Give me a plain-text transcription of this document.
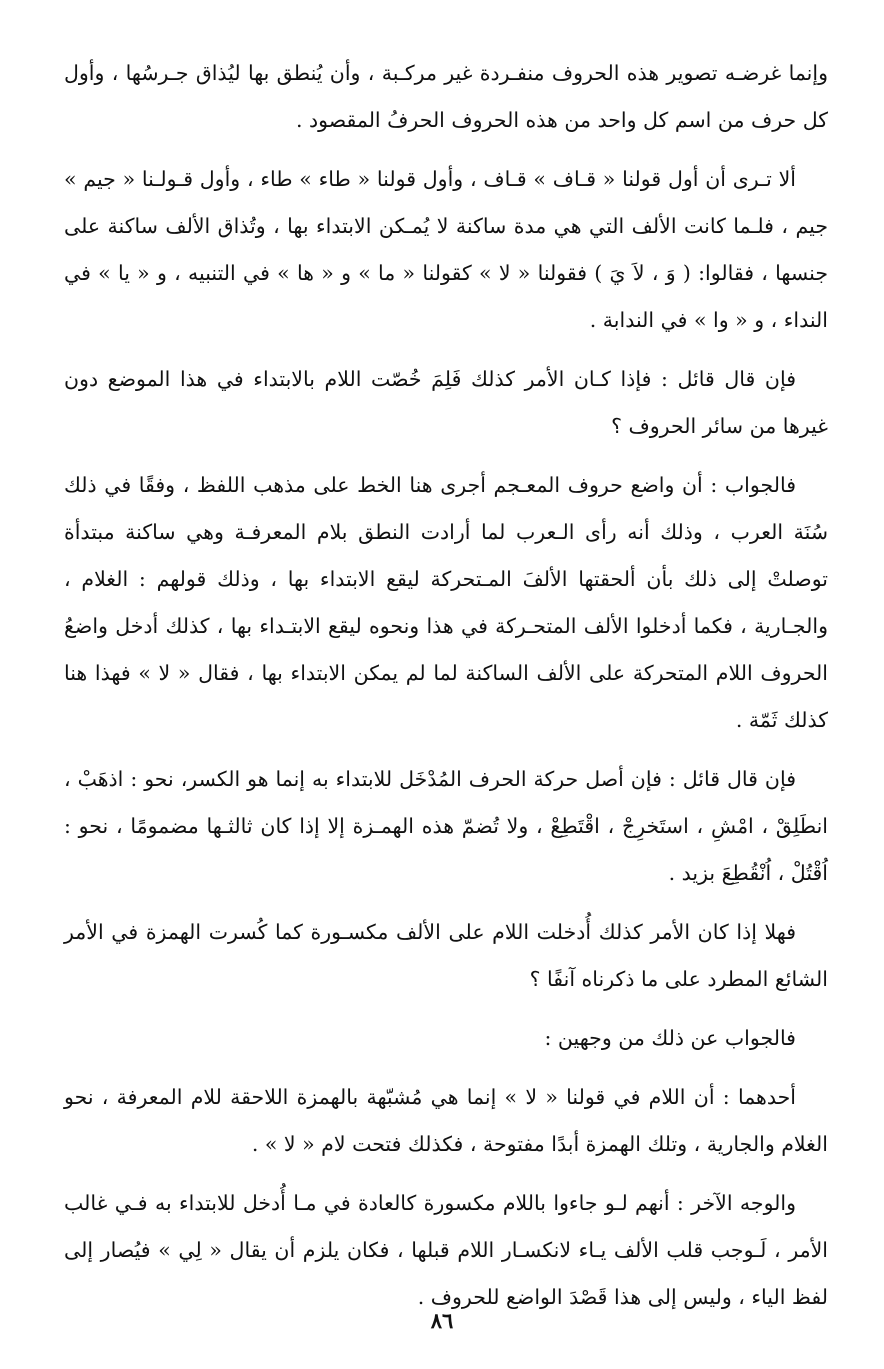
وإنما غرضـه تصوير هذه الحروف منفـردة غير مركـبة ، وأن يُنطق بها ليُذاق جـرسُها ، وأول كل حرف من اسم كل واحد من هذه الحروف الحرفُ المقصود .

ألا تـرى أن أول قولنا « قـاف » قـاف ، وأول قولنا « طاء » طاء ، وأول قـولـنا « جيم » جيم ، فلـما كانت الألف التي هي مدة ساكنة لا يُمـكن الابتداء بها ، وتُذاق الألف ساكنة على جنسها ، فقالوا: ( وَ ، لاَ يَ ) فقولنا « لا » كقولنا « ما » و « ها » في التنبيه ، و « يا » في النداء ، و « وا » في الندابة .

فإن قال قائل : فإذا كـان الأمر كذلك فَلِمَ خُصّت اللام بالابتداء في هذا الموضع دون غيرها من سائر الحروف ؟

فالجواب : أن واضع حروف المعـجم أجرى هنا الخط على مذهب اللفظ ، وفقًا في ذلك سُنَة العرب ، وذلك أنه رأى الـعرب لما أرادت النطق بلام المعرفـة وهي ساكنة مبتدأة توصلتْ إلى ذلك بأن ألحقتها الألفَ المـتحركة ليقع الابتداء بها ، وذلك قولهم : الغلام ، والجـارية ، فكما أدخلوا الألف المتحـركة في هذا ونحوه ليقع الابتـداء بها ، كذلك أدخل واضعُ الحروف اللام المتحركة على الألف الساكنة لما لم يمكن الابتداء بها ، فقال « لا » فهذا هنا كذلك ثَمّة .

فإن قال قائل : فإن أصل حركة الحرف المُدْخَل للابتداء به إنما هو الكسر، نحو : اذهَبْ ، انطَلِقْ ، امْشِ ، استَخرِجْ ، اقْتَطِعْ ، ولا تُضمّ هذه الهمـزة إلا إذا كان ثالثـها مضمومًا ، نحو : اُقْتُلْ ، اُنْقُطِعَ بزيد .

فهلا إذا كان الأمر كذلك أُدخلت اللام على الألف مكسـورة كما كُسرت الهمزة في الأمر الشائع المطرد على ما ذكرناه آنفًا ؟

فالجواب عن ذلك من وجهين :

أحدهما : أن اللام في قولنا « لا » إنما هي مُشبّهة بالهمزة اللاحقة للام المعرفة ، نحو الغلام والجارية ، وتلك الهمزة أبدًا مفتوحة ، فكذلك فتحت لام « لا » .

والوجه الآخر : أنهم لـو جاءوا باللام مكسورة كالعادة في مـا أُدخل للابتداء به فـي غالب الأمر ، لَـوجب قلب الألف يـاء لانكسـار اللام قبلها ، فكان يلزم أن يقال « لِي » فيُصار إلى لفظ الياء ، وليس إلى هذا قَصْدَ الواضع للحروف .

٨٦
